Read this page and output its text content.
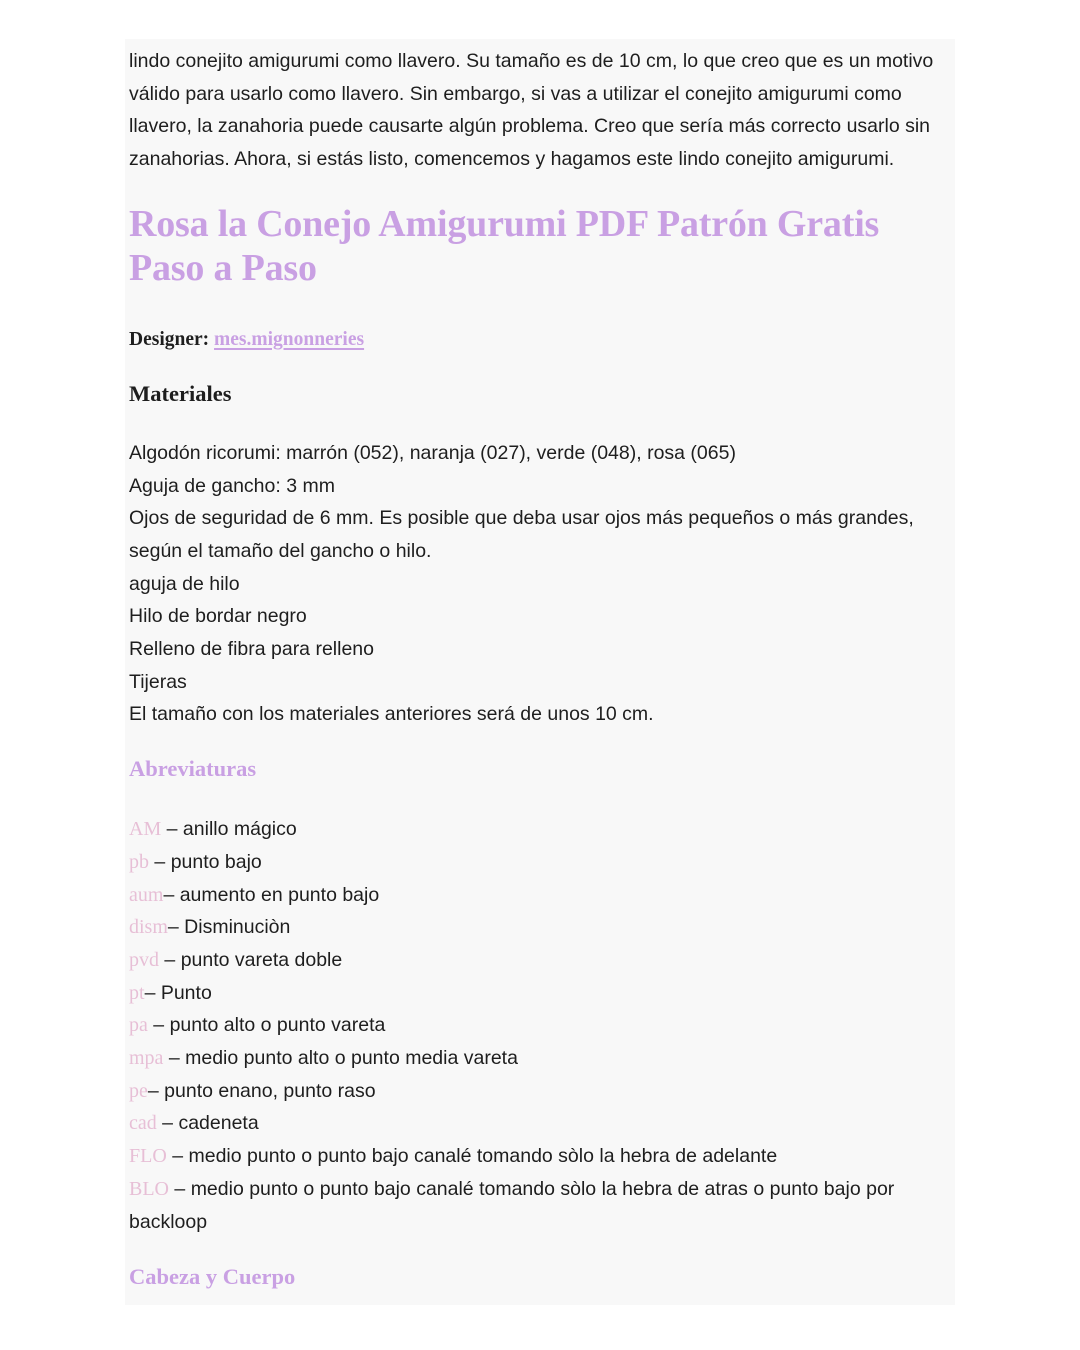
lindo conejito amigurumi como llavero. Su tamaño es de 10 cm, lo que creo que es un motivo válido para usarlo como llavero. Sin embargo, si vas a utilizar el conejito amigurumi como llavero, la zanahoria puede causarte algún problema. Creo que sería más correcto usarlo sin zanahorias. Ahora, si estás listo, comencemos y hagamos este lindo conejito amigurumi.

Rosa la Conejo Amigurumi PDF Patrón Gratis Paso a Paso

Designer: mes.mignonneries

Materiales
Algodón ricorumi: marrón (052), naranja (027), verde (048), rosa (065)
Aguja de gancho: 3 mm
Ojos de seguridad de 6 mm. Es posible que deba usar ojos más pequeños o más grandes, según el tamaño del gancho o hilo.
aguja de hilo
Hilo de bordar negro
Relleno de fibra para relleno
Tijeras
El tamaño con los materiales anteriores será de unos 10 cm.
Abreviaturas
AM – anillo mágico
pb – punto bajo
aum– aumento en punto bajo
dism– Disminuciòn
pvd – punto vareta doble
pt– Punto
pa – punto alto o punto vareta
mpa – medio punto alto o punto media vareta
pe– punto enano, punto raso
cad – cadeneta
FLO – medio punto o punto bajo canalé tomando sòlo la hebra de adelante
BLO – medio punto o punto bajo canalé tomando sòlo la hebra de atras o punto bajo por backloop
Cabeza y Cuerpo
